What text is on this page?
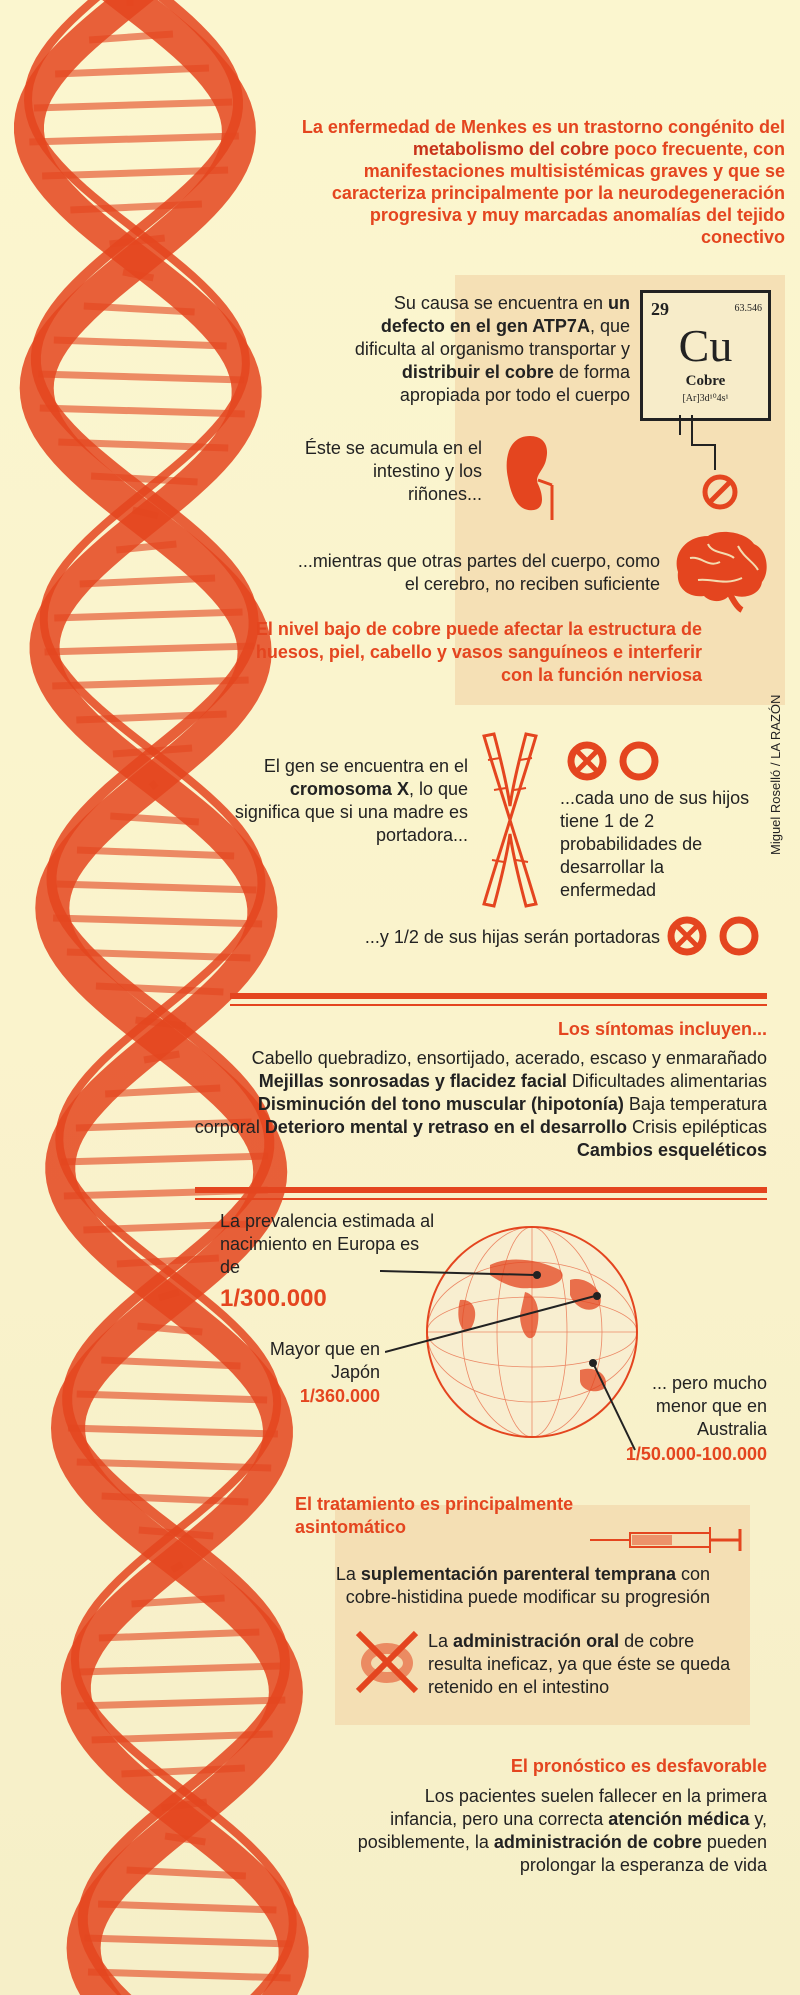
La enfermedad de Menkes es un trastorno congénito del metabolismo del cobre poco frecuente, con manifestaciones multisistémicas graves y que se caracteriza principalmente por la neurodegeneración progresiva y muy marcadas anomalías del tejido conectivo
Su causa se encuentra en un defecto en el gen ATP7A, que dificulta al organismo transportar y distribuir el cobre de forma apropiada por todo el cuerpo
29	63.546
Cu
Cobre
[Ar]3d¹⁰4s¹
Éste se acumula en el intestino y los riñones...
...mientras que otras partes del cuerpo, como el cerebro, no reciben suficiente
El nivel bajo de cobre puede afectar la estructura de huesos, piel, cabello y vasos sanguíneos e interferir con la función nerviosa
Miguel Roselló / LA RAZÓN
El gen se encuentra en el cromosoma X, lo que significa que si una madre es portadora...
...cada uno de sus hijos tiene 1 de 2 probabilidades de desarrollar la enfermedad
...y 1/2 de sus hijas serán portadoras
Los síntomas incluyen...
Cabello quebradizo, ensortijado, acerado, escaso y enmarañado Mejillas sonrosadas y flacidez facial Dificultades alimentarias Disminución del tono muscular (hipotonía) Baja temperatura corporal Deterioro mental y retraso en el desarrollo Crisis epilépticas Cambios esqueléticos
La prevalencia estimada al nacimiento en Europa es de
1/300.000
Mayor que en Japón
1/360.000
... pero mucho menor que en Australia
1/50.000-100.000
El tratamiento es principalmente asintomático
La suplementación parenteral temprana con cobre-histidina puede modificar su progresión
La administración oral de cobre resulta ineficaz, ya que éste se queda retenido en el intestino
El pronóstico es desfavorable
Los pacientes suelen fallecer en la primera infancia, pero una correcta atención médica y, posiblemente, la administración de cobre pueden prolongar la esperanza de vida
